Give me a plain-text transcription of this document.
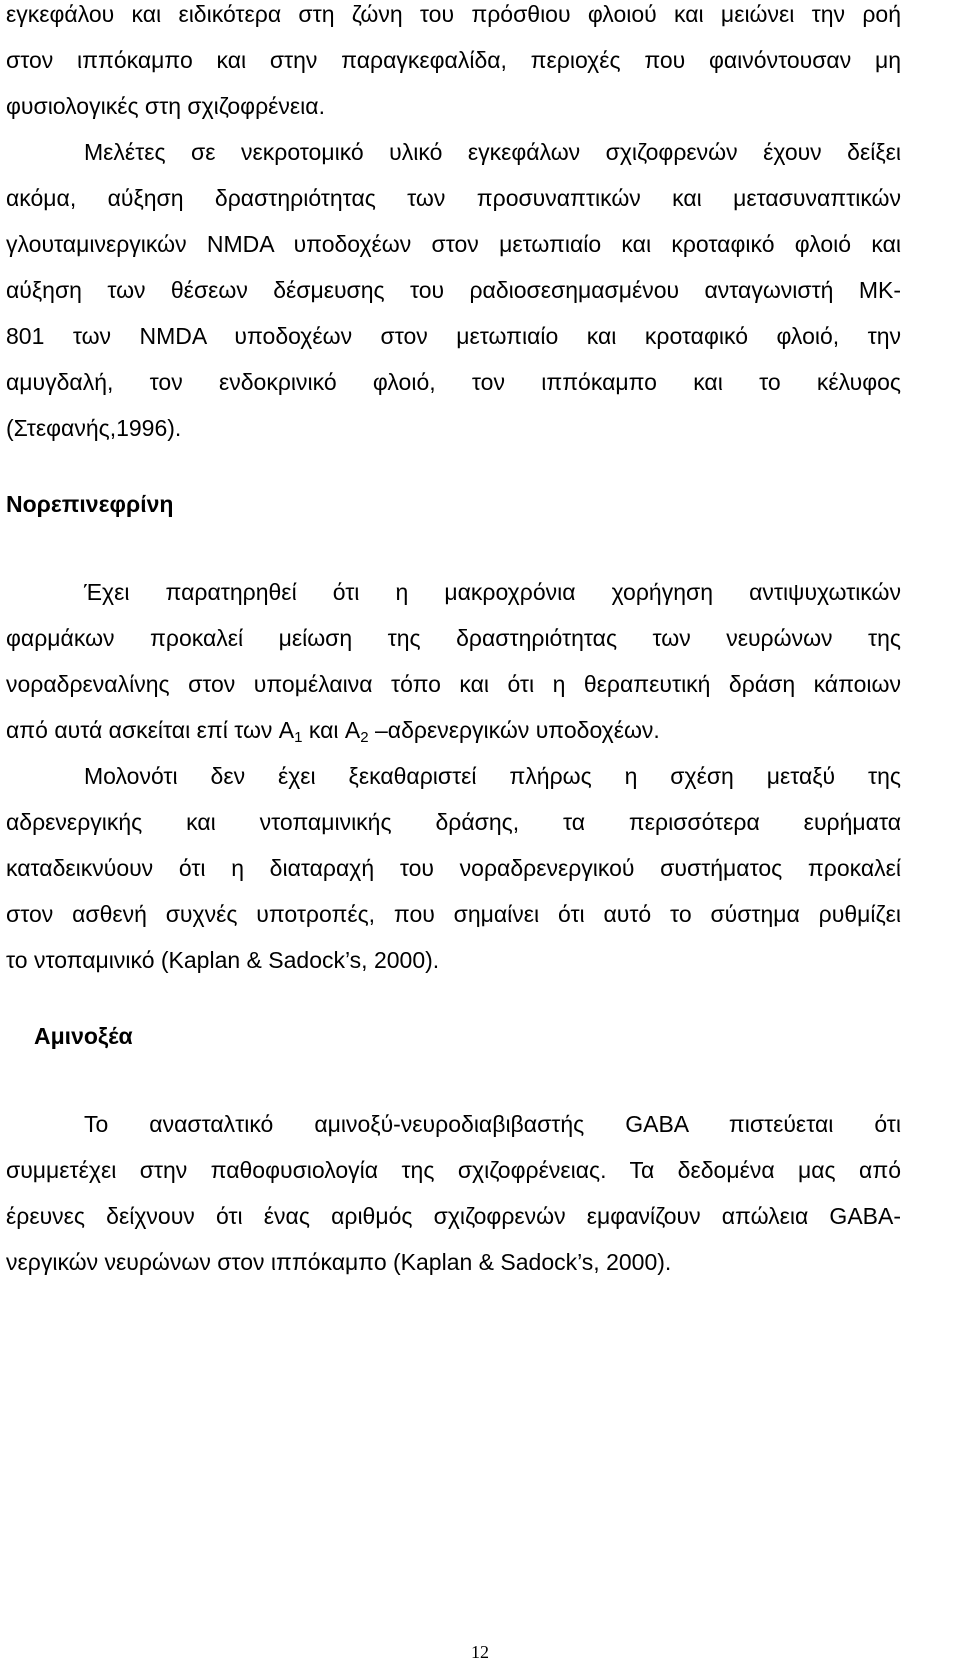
εγκεφάλου και ειδικότερα στη ζώνη του πρόσθιου φλοιού και μειώνει την ροή
στον ιππόκαμπο και στην παραγκεφαλίδα, περιοχές που φαινόντουσαν μη
φυσιολογικές στη σχιζοφρένεια.
Μελέτες σε νεκροτομικό υλικό εγκεφάλων σχιζοφρενών έχουν δείξει
ακόμα, αύξηση δραστηριότητας των προσυναπτικών και μετασυναπτικών
γλουταμινεργικών NMDA υποδοχέων στον μετωπιαίο και κροταφικό φλοιό και
αύξηση των θέσεων δέσμευσης του ραδιοσεσημασμένου ανταγωνιστή MK-
801 των NMDA υποδοχέων στον μετωπιαίο και κροταφικό φλοιό, την
αμυγδαλή, τον ενδοκρινικό φλοιό, τον ιππόκαμπο και το κέλυφος
(Στεφανής,1996).
Νορεπινεφρίνη
Έχει παρατηρηθεί ότι η μακροχρόνια χορήγηση αντιψυχωτικών
φαρμάκων προκαλεί μείωση της δραστηριότητας των νευρώνων της
νοραδρεναλίνης στον υπομέλαινα τόπο και ότι η θεραπευτική δράση κάποιων
από αυτά ασκείται επί των $A_1$ και $A_2$ –αδρενεργικών υποδοχέων.
Μολονότι δεν έχει ξεκαθαριστεί πλήρως η σχέση μεταξύ της
αδρενεργικής και ντοπαμινικής δράσης, τα περισσότερα ευρήματα
καταδεικνύουν ότι η διαταραχή του νοραδρενεργικού συστήματος προκαλεί
στον ασθενή συχνές υποτροπές, που σημαίνει ότι αυτό το σύστημα ρυθμίζει
το ντοπαμινικό (Kaplan & Sadock’s, 2000).
Αμινοξέα
Το ανασταλτικό αμινοξύ-νευροδιαβιβαστής GABA πιστεύεται ότι
συμμετέχει στην παθοφυσιολογία της σχιζοφρένειας. Τα δεδομένα μας από
έρευνες δείχνουν ότι ένας αριθμός σχιζοφρενών εμφανίζουν απώλεια GABA-
νεργικών νευρώνων στον ιππόκαμπο (Kaplan & Sadock’s, 2000).
12
